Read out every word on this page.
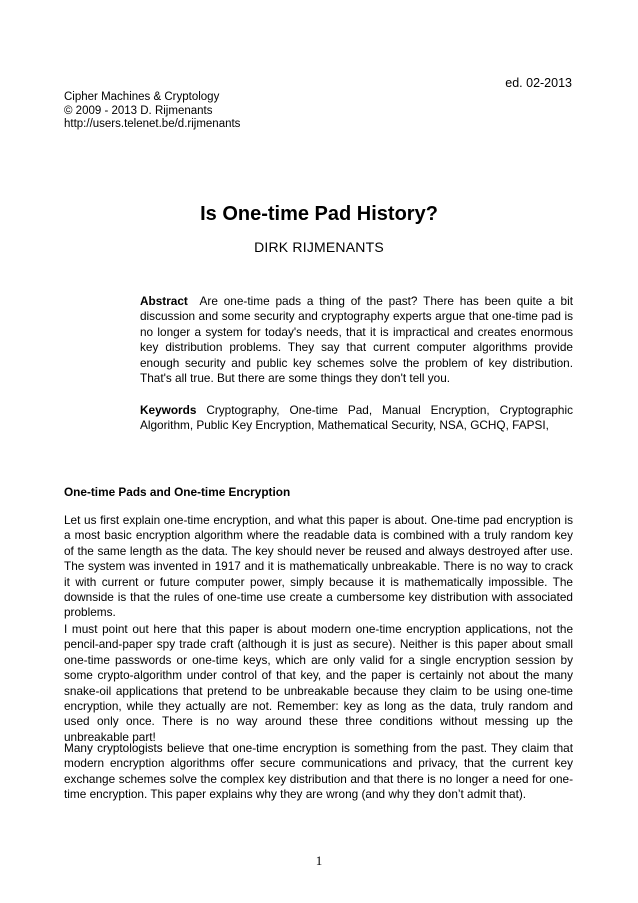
ed. 02-2013
Cipher Machines & Cryptology
© 2009 - 2013 D. Rijmenants
http://users.telenet.be/d.rijmenants
Is One-time Pad History?
DIRK RIJMENANTS
Abstract Are one-time pads a thing of the past? There has been quite a bit discussion and some security and cryptography experts argue that one-time pad is no longer a system for today's needs, that it is impractical and creates enormous key distribution problems. They say that current computer algorithms provide enough security and public key schemes solve the problem of key distribution. That's all true. But there are some things they don't tell you.
Keywords Cryptography, One-time Pad, Manual Encryption, Cryptographic Algorithm, Public Key Encryption, Mathematical Security, NSA, GCHQ, FAPSI,
One-time Pads and One-time Encryption
Let us first explain one-time encryption, and what this paper is about. One-time pad encryption is a most basic encryption algorithm where the readable data is combined with a truly random key of the same length as the data. The key should never be reused and always destroyed after use. The system was invented in 1917 and it is mathematically unbreakable. There is no way to crack it with current or future computer power, simply because it is mathematically impossible. The downside is that the rules of one-time use create a cumbersome key distribution with associated problems.
I must point out here that this paper is about modern one-time encryption applications, not the pencil-and-paper spy trade craft (although it is just as secure). Neither is this paper about small one-time passwords or one-time keys, which are only valid for a single encryption session by some crypto-algorithm under control of that key, and the paper is certainly not about the many snake-oil applications that pretend to be unbreakable because they claim to be using one-time encryption, while they actually are not. Remember: key as long as the data, truly random and used only once. There is no way around these three conditions without messing up the unbreakable part!
Many cryptologists believe that one-time encryption is something from the past. They claim that modern encryption algorithms offer secure communications and privacy, that the current key exchange schemes solve the complex key distribution and that there is no longer a need for one-time encryption. This paper explains why they are wrong (and why they don’t admit that).
1
